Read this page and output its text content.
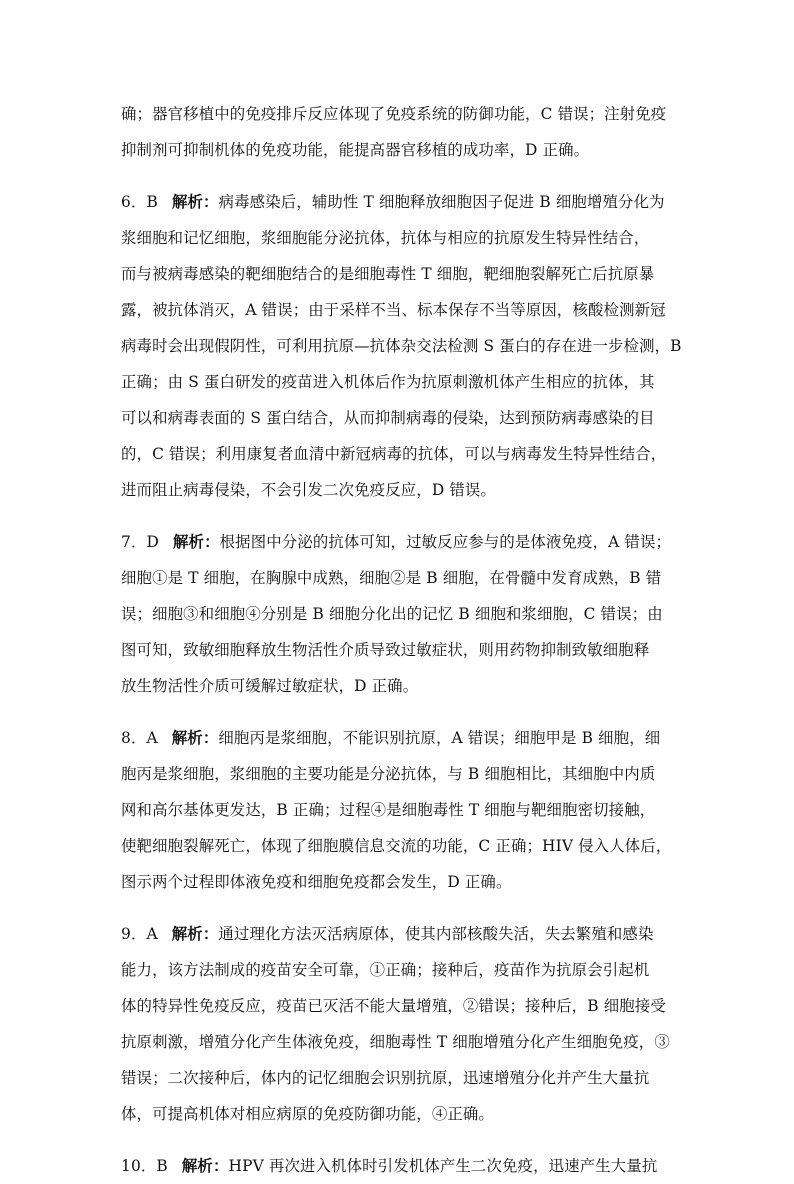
确；器官移植中的免疫排斥反应体现了免疫系统的防御功能，C 错误；注射免疫
抑制剂可抑制机体的免疫功能，能提高器官移植的成功率，D 正确。

6．B 解析：病毒感染后，辅助性 T 细胞释放细胞因子促进 B 细胞增殖分化为
浆细胞和记忆细胞，浆细胞能分泌抗体，抗体与相应的抗原发生特异性结合，
而与被病毒感染的靶细胞结合的是细胞毒性 T 细胞，靶细胞裂解死亡后抗原暴
露，被抗体消灭，A 错误；由于采样不当、标本保存不当等原因，核酸检测新冠
病毒时会出现假阴性，可利用抗原—抗体杂交法检测 S 蛋白的存在进一步检测，B
正确；由 S 蛋白研发的疫苗进入机体后作为抗原刺激机体产生相应的抗体，其
可以和病毒表面的 S 蛋白结合，从而抑制病毒的侵染，达到预防病毒感染的目
的，C 错误；利用康复者血清中新冠病毒的抗体，可以与病毒发生特异性结合，
进而阻止病毒侵染，不会引发二次免疫反应，D 错误。

7．D 解析：根据图中分泌的抗体可知，过敏反应参与的是体液免疫，A 错误；
细胞①是 T 细胞，在胸腺中成熟，细胞②是 B 细胞，在骨髓中发育成熟，B 错
误；细胞③和细胞④分别是 B 细胞分化出的记忆 B 细胞和浆细胞，C 错误；由
图可知，致敏细胞释放生物活性介质导致过敏症状，则用药物抑制致敏细胞释
放生物活性介质可缓解过敏症状，D 正确。

8．A 解析：细胞丙是浆细胞，不能识别抗原，A 错误；细胞甲是 B 细胞，细
胞丙是浆细胞，浆细胞的主要功能是分泌抗体，与 B 细胞相比，其细胞中内质
网和高尔基体更发达，B 正确；过程④是细胞毒性 T 细胞与靶细胞密切接触，
使靶细胞裂解死亡，体现了细胞膜信息交流的功能，C 正确；HIV 侵入人体后，
图示两个过程即体液免疫和细胞免疫都会发生，D 正确。

9．A 解析：通过理化方法灭活病原体，使其内部核酸失活，失去繁殖和感染
能力，该方法制成的疫苗安全可靠，①正确；接种后，疫苗作为抗原会引起机
体的特异性免疫反应，疫苗已灭活不能大量增殖，②错误；接种后，B 细胞接受
抗原刺激，增殖分化产生体液免疫，细胞毒性 T 细胞增殖分化产生细胞免疫，③
错误；二次接种后，体内的记忆细胞会识别抗原，迅速增殖分化并产生大量抗
体，可提高机体对相应病原的免疫防御功能，④正确。

10．B 解析：HPV 再次进入机体时引发机体产生二次免疫，迅速产生大量抗
